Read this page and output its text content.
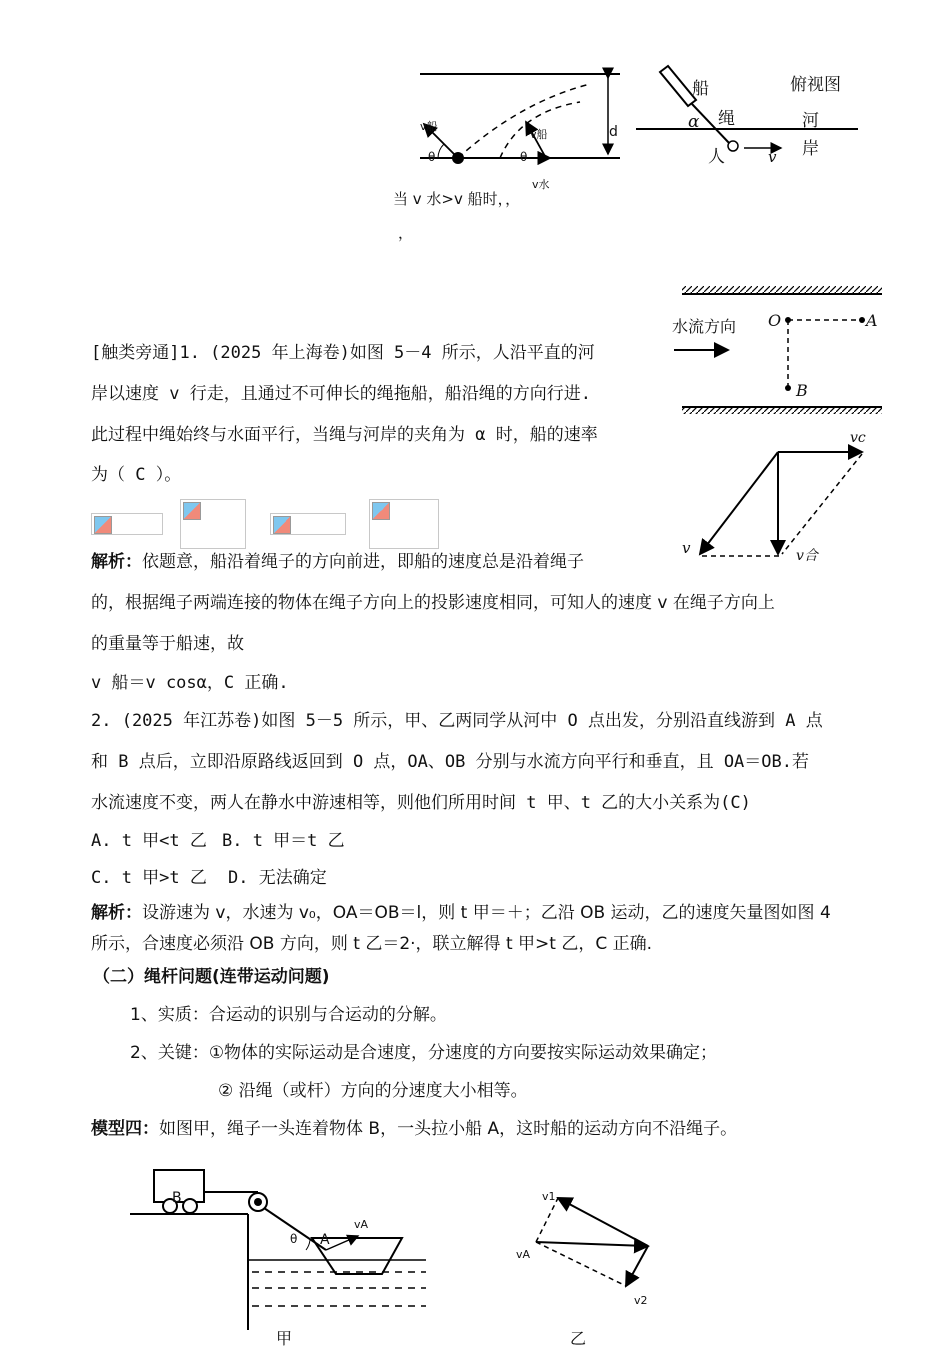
v船
v船
v水
d
θ	θ
当 v 水>v 船时，，
，
船	俯视图
绳	河
α
人	岸
v
水流方向 O	A
B
vc
v	v合
[触类旁通]1. (2025 年上海卷)如图 5－4 所示，人沿平直的河
岸以速度 v 行走，且通过不可伸长的绳拖船，船沿绳的方向行进.
此过程中绳始终与水面平行，当绳与河岸的夹角为 α 时，船的速率
为（ C ）。
解析：依题意，船沿着绳子的方向前进，即船的速度总是沿着绳子
的，根据绳子两端连接的物体在绳子方向上的投影速度相同，可知人的速度 v 在绳子方向上
的重量等于船速，故
v 船＝v cosα，C 正确.
2. (2025 年江苏卷)如图 5－5 所示，甲、乙两同学从河中 O 点出发，分别沿直线游到 A 点
和 B 点后，立即沿原路线返回到 O 点，OA、OB 分别与水流方向平行和垂直，且 OA＝OB.若
水流速度不变，两人在静水中游速相等，则他们所用时间 t 甲、t 乙的大小关系为(C)
A. t 甲<t 乙 B. t 甲＝t 乙
C. t 甲>t 乙 D. 无法确定
解析：设游速为 v，水速为 v₀，OA＝OB＝l，则 t 甲＝＋；乙沿 OB 运动，乙的速度矢量图如图 4
所示，合速度必须沿 OB 方向，则 t 乙＝2·，联立解得 t 甲>t 乙，C 正确.
（二）绳杆问题(连带运动问题)
1、实质：合运动的识别与合运动的分解。
2、关键：①物体的实际运动是合速度，分速度的方向要按实际运动效果确定；
② 沿绳（或杆）方向的分速度大小相等。
模型四：如图甲，绳子一头连着物体 B，一头拉小船 A，这时船的运动方向不沿绳子。
B
θ A
vA
甲
v1
vA
v2
乙
